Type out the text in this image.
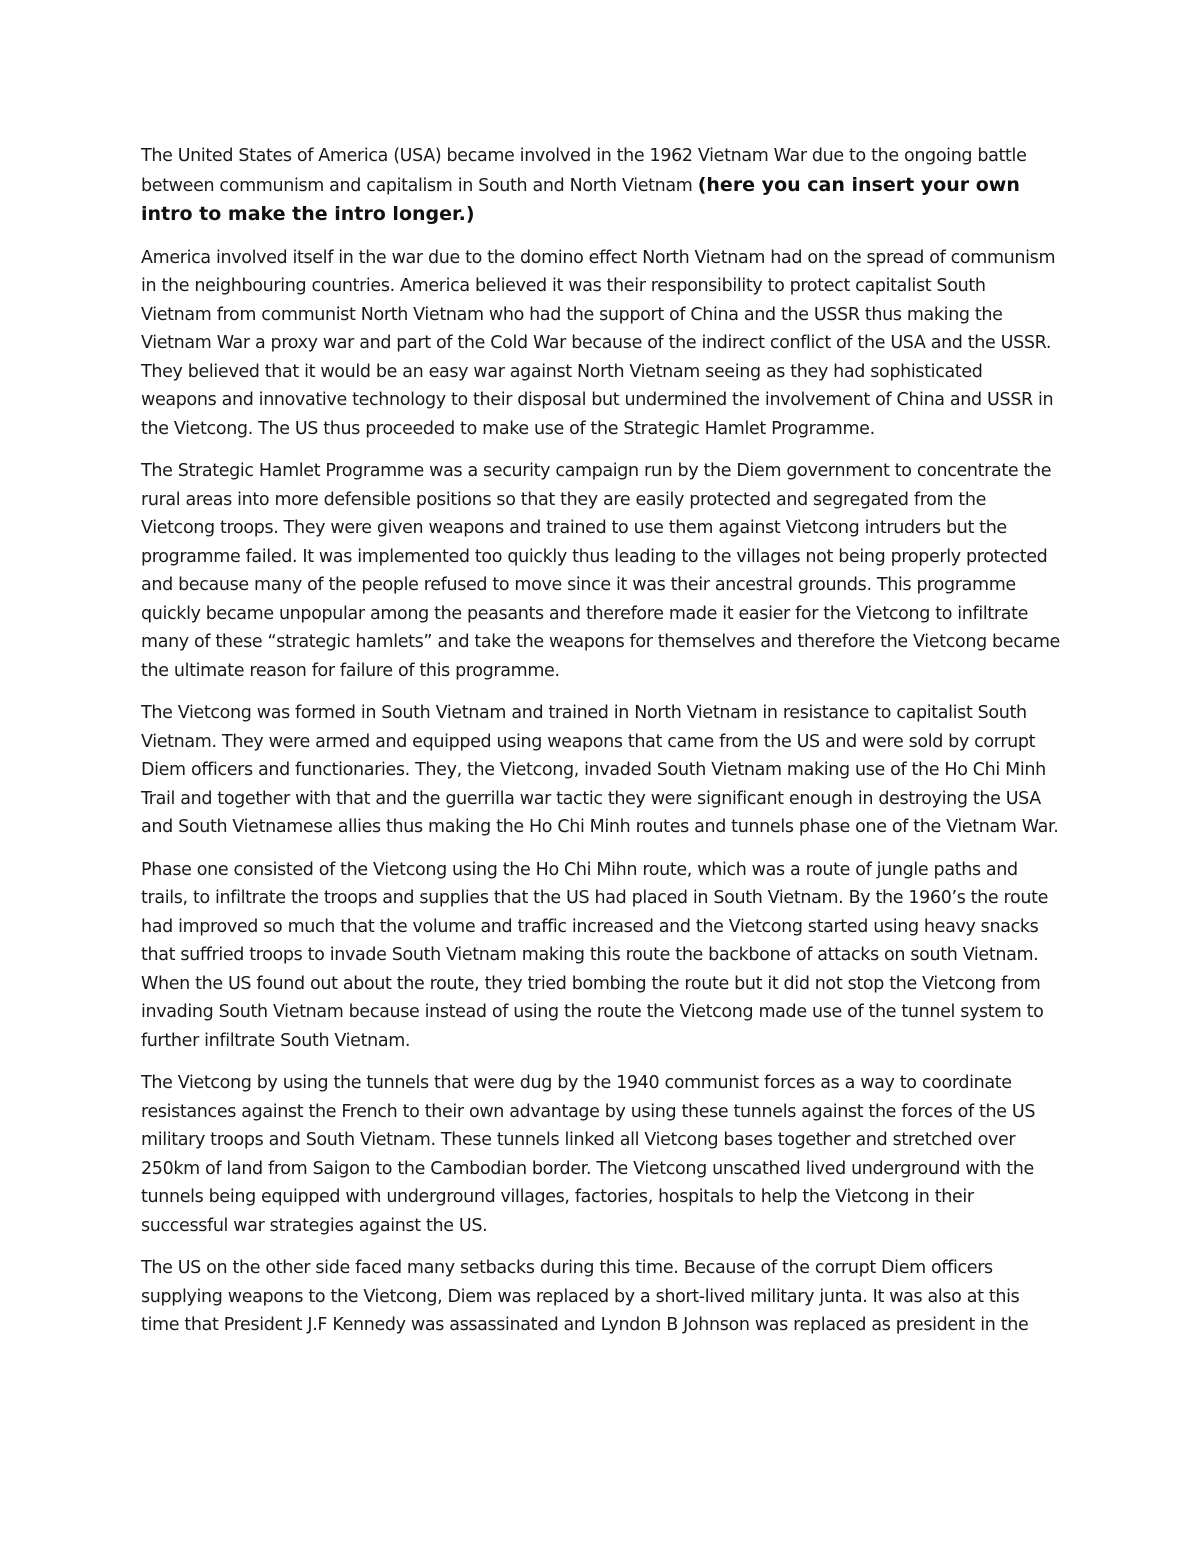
The United States of America (USA) became involved in the 1962 Vietnam War due to the ongoing battle between communism and capitalism in South and North Vietnam (here you can insert your own intro to make the intro longer.)

America involved itself in the war due to the domino effect North Vietnam had on the spread of communism in the neighbouring countries. America believed it was their responsibility to protect capitalist South Vietnam from communist North Vietnam who had the support of China and the USSR thus making the Vietnam War a proxy war and part of the Cold War because of the indirect conflict of the USA and the USSR. They believed that it would be an easy war against North Vietnam seeing as they had sophisticated weapons and innovative technology to their disposal but undermined the involvement of China and USSR in the Vietcong. The US thus proceeded to make use of the Strategic Hamlet Programme.

The Strategic Hamlet Programme was a security campaign run by the Diem government to concentrate the rural areas into more defensible positions so that they are easily protected and segregated from the Vietcong troops. They were given weapons and trained to use them against Vietcong intruders but the programme failed. It was implemented too quickly thus leading to the villages not being properly protected and because many of the people refused to move since it was their ancestral grounds. This programme quickly became unpopular among the peasants and therefore made it easier for the Vietcong to infiltrate many of these “strategic hamlets” and take the weapons for themselves and therefore the Vietcong became the ultimate reason for failure of this programme.

The Vietcong was formed in South Vietnam and trained in North Vietnam in resistance to capitalist South Vietnam. They were armed and equipped using weapons that came from the US and were sold by corrupt Diem officers and functionaries. They, the Vietcong, invaded South Vietnam making use of the Ho Chi Minh Trail and together with that and the guerrilla war tactic they were significant enough in destroying the USA and South Vietnamese allies thus making the Ho Chi Minh routes and tunnels phase one of the Vietnam War.

Phase one consisted of the Vietcong using the Ho Chi Mihn route, which was a route of jungle paths and trails, to infiltrate the troops and supplies that the US had placed in South Vietnam. By the 1960’s the route had improved so much that the volume and traffic increased and the Vietcong started using heavy snacks that suffried troops to invade South Vietnam making this route the backbone of attacks on south Vietnam. When the US found out about the route, they tried bombing the route but it did not stop the Vietcong from invading South Vietnam because instead of using the route the Vietcong made use of the tunnel system to further infiltrate South Vietnam.

The Vietcong by using the tunnels that were dug by the 1940 communist forces as a way to coordinate resistances against the French to their own advantage by using these tunnels against the forces of the US military troops and South Vietnam. These tunnels linked all Vietcong bases together and stretched over 250km of land from Saigon to the Cambodian border. The Vietcong unscathed lived underground with the tunnels being equipped with underground villages, factories, hospitals to help the Vietcong in their successful war strategies against the US.

The US on the other side faced many setbacks during this time. Because of the corrupt Diem officers supplying weapons to the Vietcong, Diem was replaced by a short-lived military junta. It was also at this time that President J.F Kennedy was assassinated and Lyndon B Johnson was replaced as president in the
